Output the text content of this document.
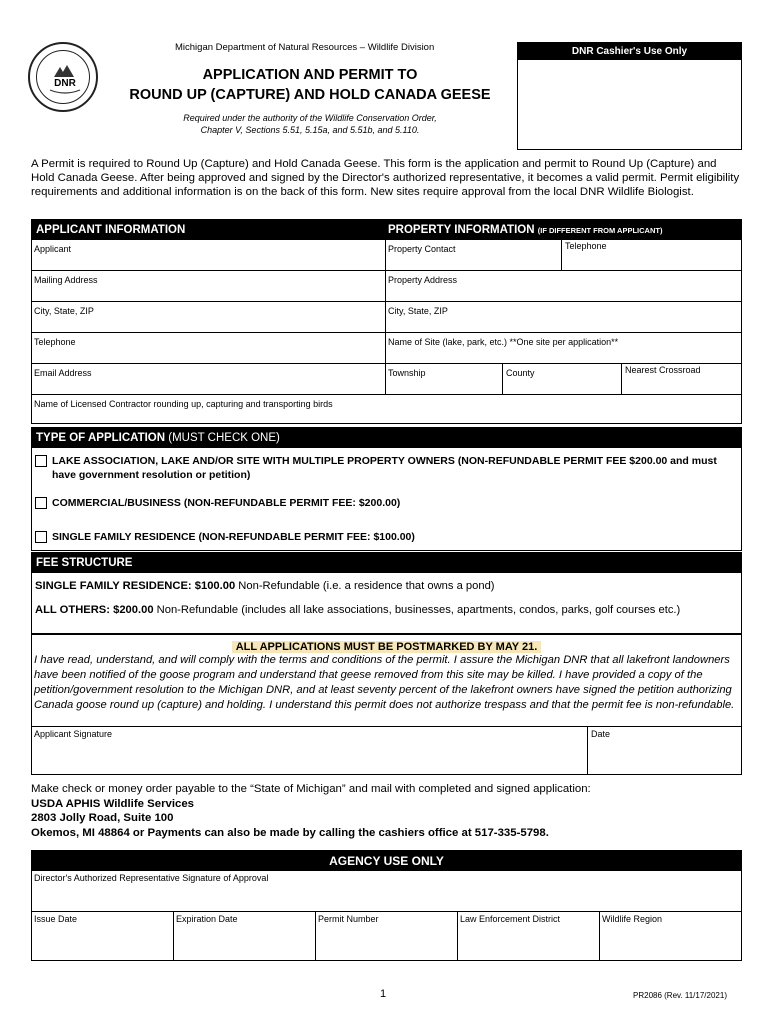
DNR
Michigan Department of Natural Resources – Wildlife Division
APPLICATION AND PERMIT TO
ROUND UP (CAPTURE) AND HOLD CANADA GEESE
Required under the authority of the Wildlife Conservation Order,
Chapter V, Sections 5.51, 5.15a, and 5.51b, and 5.110.
DNR Cashier's Use Only
A Permit is required to Round Up (Capture) and Hold Canada Geese. This form is the application and permit to Round Up (Capture) and Hold Canada Geese. After being approved and signed by the Director's authorized representative, it becomes a valid permit. Permit eligibility requirements and additional information is on the back of this form. New sites require approval from the local DNR Wildlife Biologist.
APPLICANT INFORMATION	PROPERTY INFORMATION (IF DIFFERENT FROM APPLICANT)
Applicant	Property Contact	Telephone
Mailing Address	Property Address
City, State, ZIP	City, State, ZIP
Telephone	Name of Site (lake, park, etc.) **One site per application**
Email Address	Township	County	Nearest Crossroad
Name of Licensed Contractor rounding up, capturing and transporting birds
TYPE OF APPLICATION (MUST CHECK ONE)
LAKE ASSOCIATION, LAKE AND/OR SITE WITH MULTIPLE PROPERTY OWNERS (NON-REFUNDABLE PERMIT FEE $200.00 and must
have government resolution or petition)
COMMERCIAL/BUSINESS (NON-REFUNDABLE PERMIT FEE: $200.00)
SINGLE FAMILY RESIDENCE (NON-REFUNDABLE PERMIT FEE: $100.00)
FEE STRUCTURE
SINGLE FAMILY RESIDENCE: $100.00 Non-Refundable (i.e. a residence that owns a pond)
ALL OTHERS: $200.00 Non-Refundable (includes all lake associations, businesses, apartments, condos, parks, golf courses etc.)
ALL APPLICATIONS MUST BE POSTMARKED BY MAY 21.
I have read, understand, and will comply with the terms and conditions of the permit. I assure the Michigan DNR that all lakefront landowners have been notified of the goose program and understand that geese removed from this site may be killed. I have provided a copy of the petition/government resolution to the Michigan DNR, and at least seventy percent of the lakefront owners have signed the petition authorizing Canada goose round up (capture) and holding. I understand this permit does not authorize trespass and that the permit fee is non-refundable.
Applicant Signature	Date
Make check or money order payable to the “State of Michigan” and mail with completed and signed application:
USDA APHIS Wildlife Services
2803 Jolly Road, Suite 100
Okemos, MI 48864 or Payments can also be made by calling the cashiers office at 517-335-5798.
AGENCY USE ONLY
Director's Authorized Representative Signature of Approval
Issue Date	Expiration Date	Permit Number	Law Enforcement District	Wildlife Region
1	PR2086 (Rev. 11/17/2021)
